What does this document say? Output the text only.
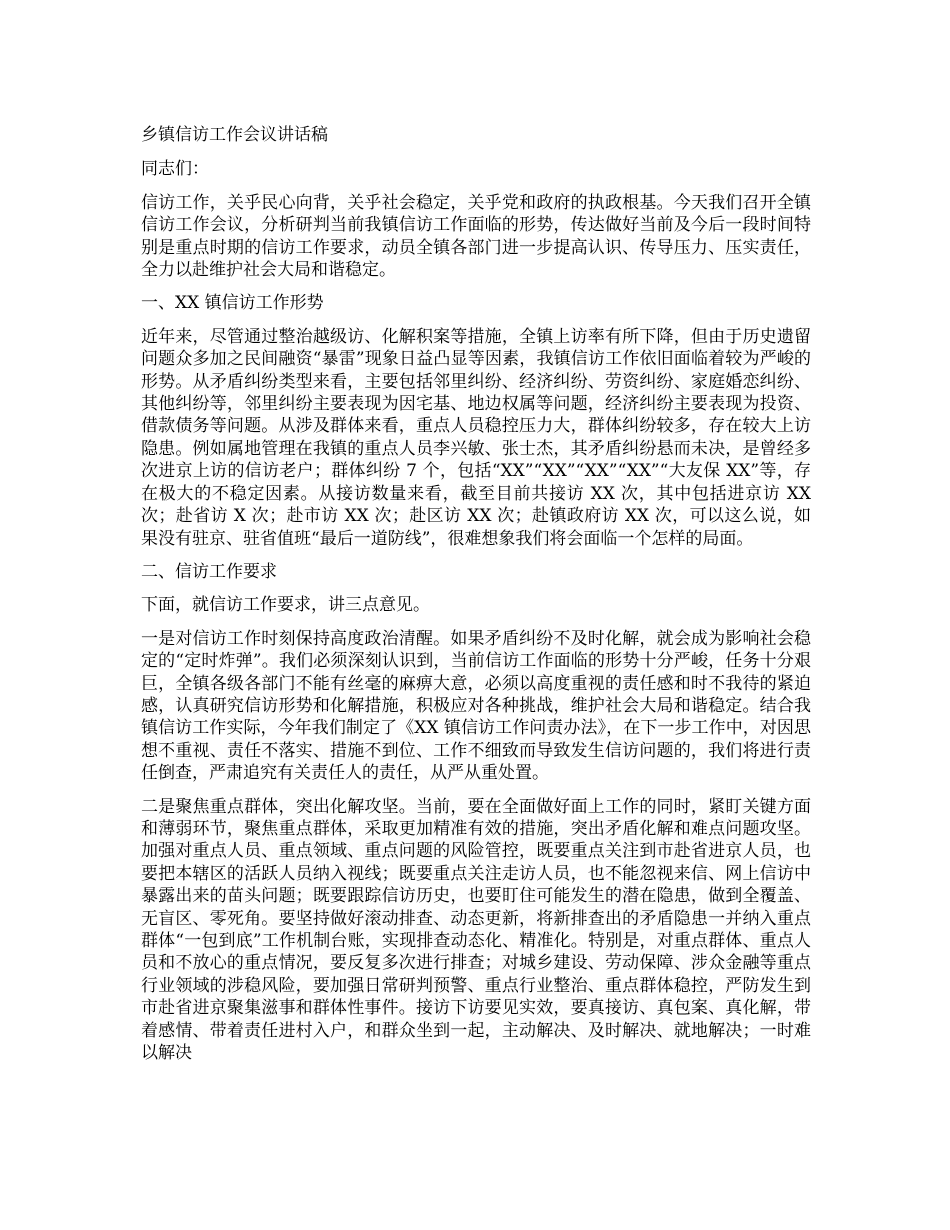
乡镇信访工作会议讲话稿

同志们：

信访工作，关乎民心向背，关乎社会稳定，关乎党和政府的执政根基。今天我们召开全镇信访工作会议，分析研判当前我镇信访工作面临的形势，传达做好当前及今后一段时间特别是重点时期的信访工作要求，动员全镇各部门进一步提高认识、传导压力、压实责任，全力以赴维护社会大局和谐稳定。

一、XX 镇信访工作形势

近年来，尽管通过整治越级访、化解积案等措施，全镇上访率有所下降，但由于历史遗留问题众多加之民间融资“暴雷”现象日益凸显等因素，我镇信访工作依旧面临着较为严峻的形势。从矛盾纠纷类型来看，主要包括邻里纠纷、经济纠纷、劳资纠纷、家庭婚恋纠纷、其他纠纷等，邻里纠纷主要表现为因宅基、地边权属等问题，经济纠纷主要表现为投资、借款债务等问题。从涉及群体来看，重点人员稳控压力大，群体纠纷较多，存在较大上访隐患。例如属地管理在我镇的重点人员李兴敏、张士杰，其矛盾纠纷悬而未决，是曾经多次进京上访的信访老户；群体纠纷 7 个，包括“XX”“XX”“XX”“XX”“大友保 XX”等，存在极大的不稳定因素。从接访数量来看，截至目前共接访 XX 次，其中包括进京访 XX 次；赴省访 X 次；赴市访 XX 次；赴区访 XX 次；赴镇政府访 XX 次，可以这么说，如果没有驻京、驻省值班“最后一道防线”，很难想象我们将会面临一个怎样的局面。

二、信访工作要求

下面，就信访工作要求，讲三点意见。

一是对信访工作时刻保持高度政治清醒。如果矛盾纠纷不及时化解，就会成为影响社会稳定的“定时炸弹”。我们必须深刻认识到，当前信访工作面临的形势十分严峻，任务十分艰巨，全镇各级各部门不能有丝毫的麻痹大意，必须以高度重视的责任感和时不我待的紧迫感，认真研究信访形势和化解措施，积极应对各种挑战，维护社会大局和谐稳定。结合我镇信访工作实际，今年我们制定了《XX 镇信访工作问责办法》，在下一步工作中，对因思想不重视、责任不落实、措施不到位、工作不细致而导致发生信访问题的，我们将进行责任倒查，严肃追究有关责任人的责任，从严从重处置。

二是聚焦重点群体，突出化解攻坚。当前，要在全面做好面上工作的同时，紧盯关键方面和薄弱环节，聚焦重点群体，采取更加精准有效的措施，突出矛盾化解和难点问题攻坚。加强对重点人员、重点领域、重点问题的风险管控，既要重点关注到市赴省进京人员，也要把本辖区的活跃人员纳入视线；既要重点关注走访人员，也不能忽视来信、网上信访中暴露出来的苗头问题；既要跟踪信访历史，也要盯住可能发生的潜在隐患，做到全覆盖、无盲区、零死角。要坚持做好滚动排查、动态更新，将新排查出的矛盾隐患一并纳入重点群体“一包到底”工作机制台账，实现排查动态化、精准化。特别是，对重点群体、重点人员和不放心的重点情况，要反复多次进行排查；对城乡建设、劳动保障、涉众金融等重点行业领域的涉稳风险，要加强日常研判预警、重点行业整治、重点群体稳控，严防发生到市赴省进京聚集滋事和群体性事件。接访下访要见实效，要真接访、真包案、真化解，带着感情、带着责任进村入户，和群众坐到一起，主动解决、及时解决、就地解决；一时难以解决
